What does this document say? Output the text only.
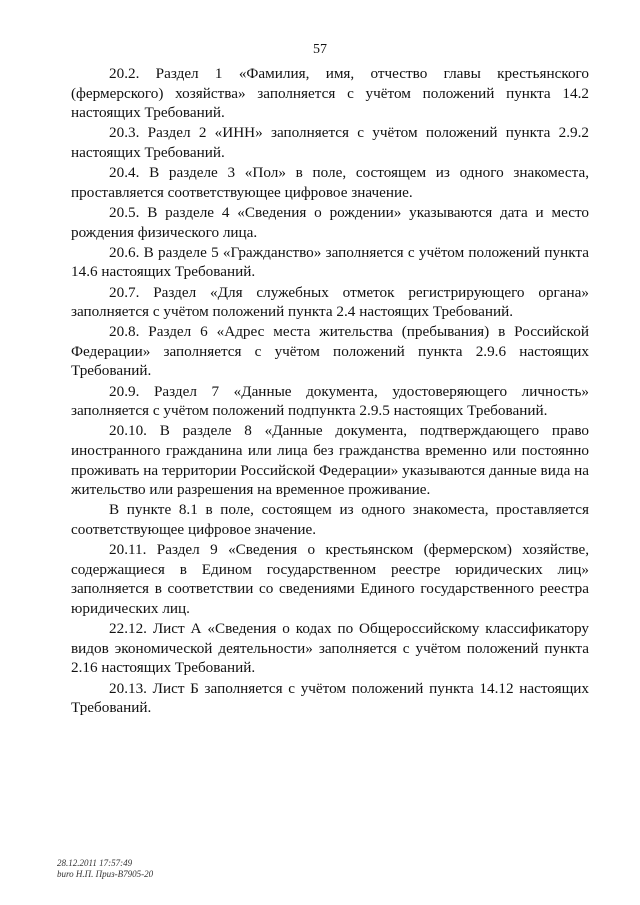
57

20.2. Раздел 1 «Фамилия, имя, отчество главы крестьянского (фермерского) хозяйства» заполняется с учётом положений пункта 14.2 настоящих Требований.

20.3. Раздел 2 «ИНН» заполняется с учётом положений пункта 2.9.2 настоящих Требований.

20.4. В разделе 3 «Пол» в поле, состоящем из одного знакоместа, проставляется соответствующее цифровое значение.

20.5. В разделе 4 «Сведения о рождении» указываются дата и место рождения физического лица.

20.6. В разделе 5 «Гражданство» заполняется с учётом положений пункта 14.6 настоящих Требований.

20.7. Раздел «Для служебных отметок регистрирующего органа» заполняется с учётом положений пункта 2.4 настоящих Требований.

20.8. Раздел 6 «Адрес места жительства (пребывания) в Российской Федерации» заполняется с учётом положений пункта 2.9.6 настоящих Требований.

20.9. Раздел 7 «Данные документа, удостоверяющего личность» заполняется с учётом положений подпункта 2.9.5 настоящих Требований.

20.10. В разделе 8 «Данные документа, подтверждающего право иностранного гражданина или лица без гражданства временно или постоянно проживать на территории Российской Федерации» указываются данные вида на жительство или разрешения на временное проживание.

В пункте 8.1 в поле, состоящем из одного знакоместа, проставляется соответствующее цифровое значение.

20.11. Раздел 9 «Сведения о крестьянском (фермерском) хозяйстве, содержащиеся в Едином государственном реестре юридических лиц» заполняется в соответствии со сведениями Единого государственного реестра юридических лиц.

22.12. Лист А «Сведения о кодах по Общероссийскому классификатору видов экономической деятельности» заполняется с учётом положений пункта 2.16 настоящих Требований.

20.13. Лист Б заполняется с учётом положений пункта 14.12 настоящих Требований.

28.12.2011 17:57:49
buro Н.П. Приз-В7905-20
